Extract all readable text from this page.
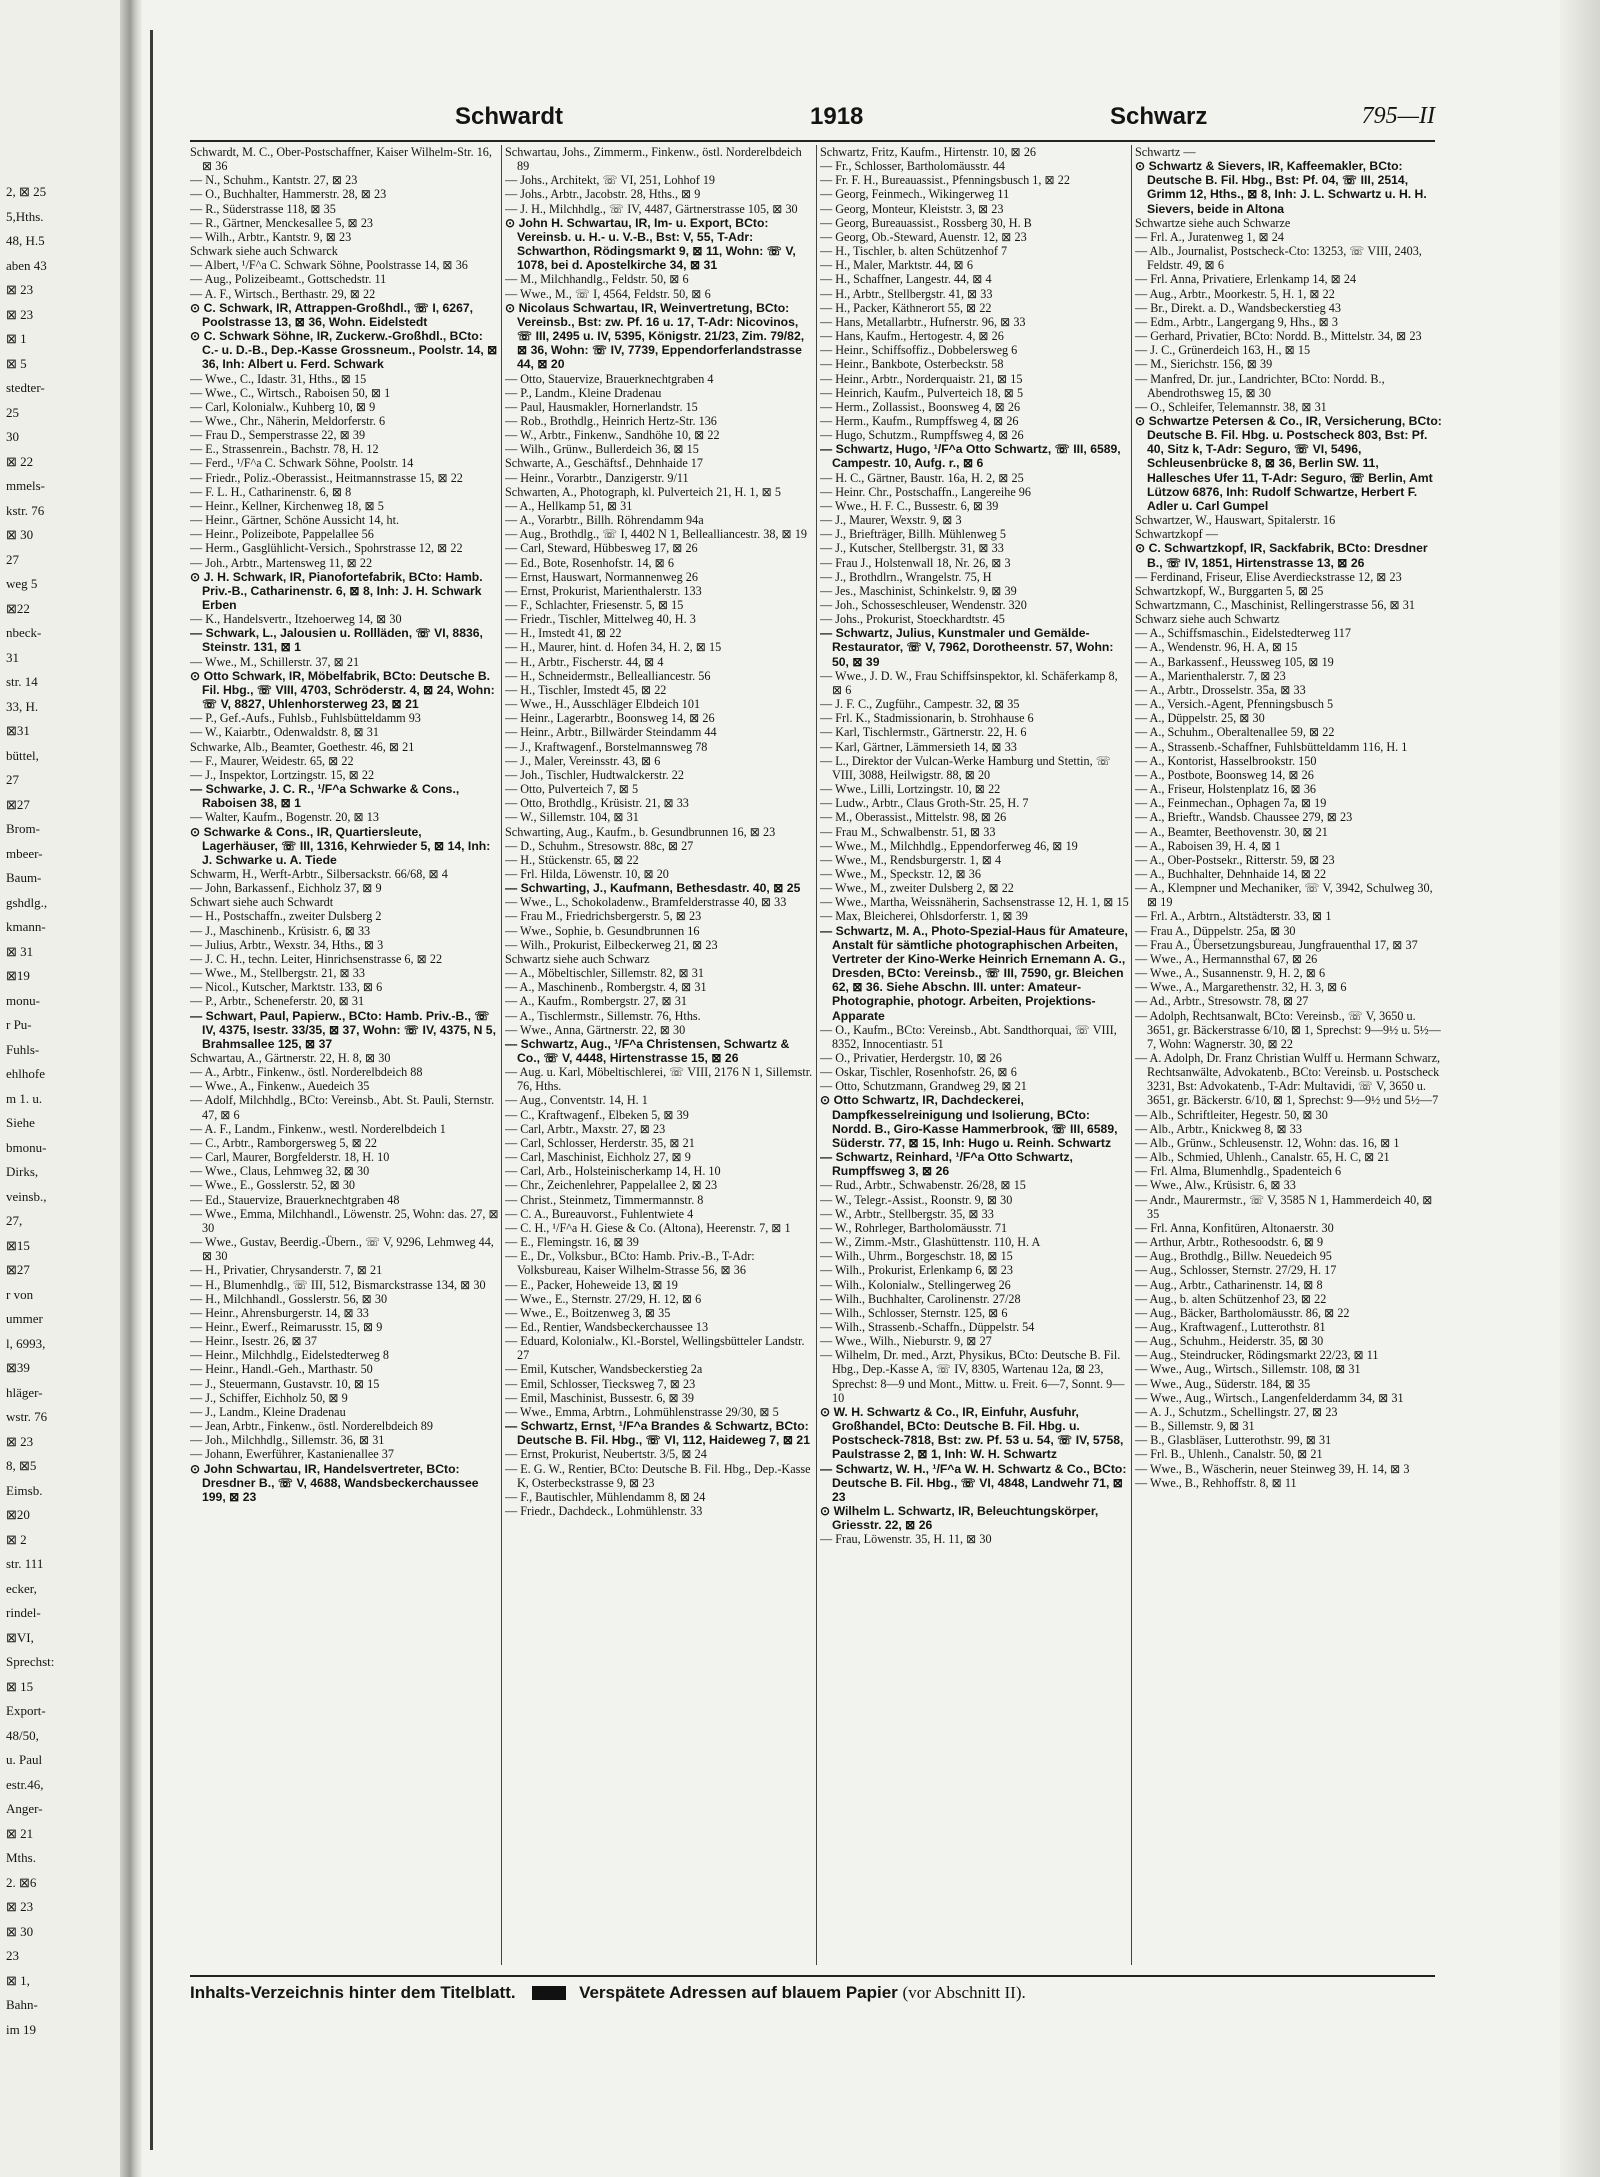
2, ⊠ 25
5,Hths.
48, H.5
aben 43
⊠ 23
⊠ 23
⊠ 1
⊠ 5
stedter-
25
30
⊠ 22
mmels-
kstr. 76
⊠ 30
27
weg 5
⊠22
nbeck-
31
str. 14
33, H.
⊠31
büttel,
27
⊠27
Brom-
mbeer-
Baum-
gshdlg.,
kmann-
⊠ 31
⊠19
monu-
r Pu-
Fuhls-
ehlhofe
m 1. u.
Siehe
bmonu-
Dirks,
veinsb.,
27,
⊠15
⊠27
r von
ummer
l, 6993,
⊠39
hläger-
wstr. 76
⊠ 23
8, ⊠5
Eimsb.
⊠20
⊠ 2
str. 111
ecker,
rindel-
⊠VI,
Sprechst:
⊠ 15
Export-
48/50,
u. Paul
estr.46,
Anger-
⊠ 21
Mths.
2. ⊠6
⊠ 23
⊠ 30
23
⊠ 1,
Bahn-
im 19
Schwardt	1918	Schwarz	795—II

Schwardt, M. C., Ober-Postschaffner, Kaiser Wilhelm-Str. 16, ⊠ 36

— N., Schuhm., Kantstr. 27, ⊠ 23

— O., Buchhalter, Hammerstr. 28, ⊠ 23

— R., Süderstrasse 118, ⊠ 35

— R., Gärtner, Menckesallee 5, ⊠ 23

— Wilh., Arbtr., Kantstr. 9, ⊠ 23

Schwark siehe auch Schwarck

— Albert, ¹/F^a C. Schwark Söhne, Poolstrasse 14, ⊠ 36

— Aug., Polizeibeamt., Gottschedstr. 11

— A. F., Wirtsch., Berthastr. 29, ⊠ 22

⊙ C. Schwark, IR, Attrappen-Großhdl., ☏ I, 6267, Poolstrasse 13, ⊠ 36, Wohn. Eidelstedt

⊙ C. Schwark Söhne, IR, Zuckerw.-Großhdl., BCto: C.- u. D.-B., Dep.-Kasse Grossneum., Poolstr. 14, ⊠ 36, Inh: Albert u. Ferd. Schwark

— Wwe., C., Idastr. 31, Hths., ⊠ 15

— Wwe., C., Wirtsch., Raboisen 50, ⊠ 1

— Carl, Kolonialw., Kuhberg 10, ⊠ 9

— Wwe., Chr., Näherin, Meldorferstr. 6

— Frau D., Semperstrasse 22, ⊠ 39

— E., Strassenrein., Bachstr. 78, H. 12

— Ferd., ¹/F^a C. Schwark Söhne, Poolstr. 14

— Friedr., Poliz.-Oberassist., Heitmannstrasse 15, ⊠ 22

— F. L. H., Catharinenstr. 6, ⊠ 8

— Heinr., Kellner, Kirchenweg 18, ⊠ 5

— Heinr., Gärtner, Schöne Aussicht 14, ht.

— Heinr., Polizeibote, Pappelallee 56

— Herm., Gasglühlicht-Versich., Spohrstrasse 12, ⊠ 22

— Joh., Arbtr., Martensweg 11, ⊠ 22

⊙ J. H. Schwark, IR, Pianofortefabrik, BCto: Hamb. Priv.-B., Catharinenstr. 6, ⊠ 8, Inh: J. H. Schwark Erben

— K., Handelsvertr., Itzehoerweg 14, ⊠ 30

— Schwark, L., Jalousien u. Rollläden, ☏ VI, 8836, Steinstr. 131, ⊠ 1

— Wwe., M., Schillerstr. 37, ⊠ 21

⊙ Otto Schwark, IR, Möbelfabrik, BCto: Deutsche B. Fil. Hbg., ☏ VIII, 4703, Schröderstr. 4, ⊠ 24, Wohn: ☏ V, 8827, Uhlenhorsterweg 23, ⊠ 21

— P., Gef.-Aufs., Fuhlsb., Fuhlsbütteldamm 93

— W., Kaiarbtr., Odenwaldstr. 8, ⊠ 31

Schwarke, Alb., Beamter, Goethestr. 46, ⊠ 21

— F., Maurer, Weidestr. 65, ⊠ 22

— J., Inspektor, Lortzingstr. 15, ⊠ 22

— Schwarke, J. C. R., ¹/F^a Schwarke & Cons., Raboisen 38, ⊠ 1

— Walter, Kaufm., Bogenstr. 20, ⊠ 13

⊙ Schwarke & Cons., IR, Quartiersleute, Lagerhäuser, ☏ III, 1316, Kehrwieder 5, ⊠ 14, Inh: J. Schwarke u. A. Tiede

Schwarm, H., Werft-Arbtr., Silbersackstr. 66/68, ⊠ 4

— John, Barkassenf., Eichholz 37, ⊠ 9

Schwart siehe auch Schwardt

— H., Postschaffn., zweiter Dulsberg 2

— J., Maschinenb., Krüsistr. 6, ⊠ 33

— Julius, Arbtr., Wexstr. 34, Hths., ⊠ 3

— J. C. H., techn. Leiter, Hinrichsenstrasse 6, ⊠ 22

— Wwe., M., Stellbergstr. 21, ⊠ 33

— Nicol., Kutscher, Marktstr. 133, ⊠ 6

— P., Arbtr., Scheneferstr. 20, ⊠ 31

— Schwart, Paul, Papierw., BCto: Hamb. Priv.-B., ☏ IV, 4375, Isestr. 33/35, ⊠ 37, Wohn: ☏ IV, 4375, N 5, Brahmsallee 125, ⊠ 37

Schwartau, A., Gärtnerstr. 22, H. 8, ⊠ 30

— A., Arbtr., Finkenw., östl. Norderelbdeich 88

— Wwe., A., Finkenw., Auedeich 35

— Adolf, Milchhdlg., BCto: Vereinsb., Abt. St. Pauli, Sternstr. 47, ⊠ 6

— A. F., Landm., Finkenw., westl. Norderelbdeich 1

— C., Arbtr., Ramborgersweg 5, ⊠ 22

— Carl, Maurer, Borgfelderstr. 18, H. 10

— Wwe., Claus, Lehmweg 32, ⊠ 30

— Wwe., E., Gosslerstr. 52, ⊠ 30

— Ed., Stauervize, Brauerknechtgraben 48

— Wwe., Emma, Milchhandl., Löwenstr. 25, Wohn: das. 27, ⊠ 30

— Wwe., Gustav, Beerdig.-Übern., ☏ V, 9296, Lehmweg 44, ⊠ 30

— H., Privatier, Chrysanderstr. 7, ⊠ 21

— H., Blumenhdlg., ☏ III, 512, Bismarckstrasse 134, ⊠ 30

— H., Milchhandl., Gosslerstr. 56, ⊠ 30

— Heinr., Ahrensburgerstr. 14, ⊠ 33

— Heinr., Ewerf., Reimarusstr. 15, ⊠ 9

— Heinr., Isestr. 26, ⊠ 37

— Heinr., Milchhdlg., Eidelstedterweg 8

— Heinr., Handl.-Geh., Marthastr. 50

— J., Steuermann, Gustavstr. 10, ⊠ 15

— J., Schiffer, Eichholz 50, ⊠ 9

— J., Landm., Kleine Dradenau

— Jean, Arbtr., Finkenw., östl. Norderelbdeich 89

— Joh., Milchhdlg., Sillemstr. 36, ⊠ 31

— Johann, Ewerführer, Kastanienallee 37

⊙ John Schwartau, IR, Handelsvertreter, BCto: Dresdner B., ☏ V, 4688, Wandsbeckerchaussee 199, ⊠ 23

Schwartau, Johs., Zimmerm., Finkenw., östl. Norderelbdeich 89

— Johs., Architekt, ☏ VI, 251, Lohhof 19

— Johs., Arbtr., Jacobstr. 28, Hths., ⊠ 9

— J. H., Milchhdlg., ☏ IV, 4487, Gärtnerstrasse 105, ⊠ 30

⊙ John H. Schwartau, IR, Im- u. Export, BCto: Vereinsb. u. H.- u. V.-B., Bst: V, 55, T-Adr: Schwarthon, Rödingsmarkt 9, ⊠ 11, Wohn: ☏ V, 1078, bei d. Apostelkirche 34, ⊠ 31

— M., Milchhandlg., Feldstr. 50, ⊠ 6

— Wwe., M., ☏ I, 4564, Feldstr. 50, ⊠ 6

⊙ Nicolaus Schwartau, IR, Weinvertretung, BCto: Vereinsb., Bst: zw. Pf. 16 u. 17, T-Adr: Nicovinos, ☏ III, 2495 u. IV, 5395, Königstr. 21/23, Zim. 79/82, ⊠ 36, Wohn: ☏ IV, 7739, Eppendorferlandstrasse 44, ⊠ 20

— Otto, Stauervize, Brauerknechtgraben 4

— P., Landm., Kleine Dradenau

— Paul, Hausmakler, Hornerlandstr. 15

— Rob., Brothdlg., Heinrich Hertz-Str. 136

— W., Arbtr., Finkenw., Sandhöhe 10, ⊠ 22

— Wilh., Grünw., Bullerdeich 36, ⊠ 15

Schwarte, A., Geschäftsf., Dehnhaide 17

— Heinr., Vorarbtr., Danzigerstr. 9/11

Schwarten, A., Photograph, kl. Pulverteich 21, H. 1, ⊠ 5

— A., Hellkamp 51, ⊠ 31

— A., Vorarbtr., Billh. Röhrendamm 94a

— Aug., Brothdlg., ☏ I, 4402 N 1, Bellealliancestr. 38, ⊠ 19

— Carl, Steward, Hübbesweg 17, ⊠ 26

— Ed., Bote, Rosenhofstr. 14, ⊠ 6

— Ernst, Hauswart, Normannenweg 26

— Ernst, Prokurist, Marienthalerstr. 133

— F., Schlachter, Friesenstr. 5, ⊠ 15

— Friedr., Tischler, Mittelweg 40, H. 3

— H., Imstedt 41, ⊠ 22

— H., Maurer, hint. d. Hofen 34, H. 2, ⊠ 15

— H., Arbtr., Fischerstr. 44, ⊠ 4

— H., Schneidermstr., Bellealliancestr. 56

— H., Tischler, Imstedt 45, ⊠ 22

— Wwe., H., Ausschläger Elbdeich 101

— Heinr., Lagerarbtr., Boonsweg 14, ⊠ 26

— Heinr., Arbtr., Billwärder Steindamm 44

— J., Kraftwagenf., Borstelmannsweg 78

— J., Maler, Vereinsstr. 43, ⊠ 6

— Joh., Tischler, Hudtwalckerstr. 22

— Otto, Pulverteich 7, ⊠ 5

— Otto, Brothdlg., Krüsistr. 21, ⊠ 33

— W., Sillemstr. 104, ⊠ 31

Schwarting, Aug., Kaufm., b. Gesundbrunnen 16, ⊠ 23

— D., Schuhm., Stresowstr. 88c, ⊠ 27

— H., Stückenstr. 65, ⊠ 22

— Frl. Hilda, Löwenstr. 10, ⊠ 20

— Schwarting, J., Kaufmann, Bethesdastr. 40, ⊠ 25

— Wwe., L., Schokoladenw., Bramfelderstrasse 40, ⊠ 33

— Frau M., Friedrichsbergerstr. 5, ⊠ 23

— Wwe., Sophie, b. Gesundbrunnen 16

— Wilh., Prokurist, Eilbeckerweg 21, ⊠ 23

Schwartz siehe auch Schwarz

— A., Möbeltischler, Sillemstr. 82, ⊠ 31

— A., Maschinenb., Rombergstr. 4, ⊠ 31

— A., Kaufm., Rombergstr. 27, ⊠ 31

— A., Tischlermstr., Sillemstr. 76, Hths.

— Wwe., Anna, Gärtnerstr. 22, ⊠ 30

— Schwartz, Aug., ¹/F^a Christensen, Schwartz & Co., ☏ V, 4448, Hirtenstrasse 15, ⊠ 26

— Aug. u. Karl, Möbeltischlerei, ☏ VIII, 2176 N 1, Sillemstr. 76, Hths.

— Aug., Conventstr. 14, H. 1

— C., Kraftwagenf., Elbeken 5, ⊠ 39

— Carl, Arbtr., Maxstr. 27, ⊠ 23

— Carl, Schlosser, Herderstr. 35, ⊠ 21

— Carl, Maschinist, Eichholz 27, ⊠ 9

— Carl, Arb., Holsteinischerkamp 14, H. 10

— Chr., Zeichenlehrer, Pappelallee 2, ⊠ 23

— Christ., Steinmetz, Timmermannstr. 8

— C. A., Bureauvorst., Fuhlentwiete 4

— C. H., ¹/F^a H. Giese & Co. (Altona), Heerenstr. 7, ⊠ 1

— E., Flemingstr. 16, ⊠ 39

— E., Dr., Volksbur., BCto: Hamb. Priv.-B., T-Adr: Volksbureau, Kaiser Wilhelm-Strasse 56, ⊠ 36

— E., Packer, Hoheweide 13, ⊠ 19

— Wwe., E., Sternstr. 27/29, H. 12, ⊠ 6

— Wwe., E., Boitzenweg 3, ⊠ 35

— Ed., Rentier, Wandsbeckerchaussee 13

— Eduard, Kolonialw., Kl.-Borstel, Wellingsbütteler Landstr. 27

— Emil, Kutscher, Wandsbeckerstieg 2a

— Emil, Schlosser, Tiecksweg 7, ⊠ 23

— Emil, Maschinist, Bussestr. 6, ⊠ 39

— Wwe., Emma, Arbtrn., Lohmühlenstrasse 29/30, ⊠ 5

— Schwartz, Ernst, ¹/F^a Brandes & Schwartz, BCto: Deutsche B. Fil. Hbg., ☏ VI, 112, Haideweg 7, ⊠ 21

— Ernst, Prokurist, Neubertstr. 3/5, ⊠ 24

— E. G. W., Rentier, BCto: Deutsche B. Fil. Hbg., Dep.-Kasse K, Osterbeckstrasse 9, ⊠ 23

— F., Bautischler, Mühlendamm 8, ⊠ 24

— Friedr., Dachdeck., Lohmühlenstr. 33

Schwartz, Fritz, Kaufm., Hirtenstr. 10, ⊠ 26

— Fr., Schlosser, Bartholomäusstr. 44

— Fr. F. H., Bureauassist., Pfenningsbusch 1, ⊠ 22

— Georg, Feinmech., Wikingerweg 11

— Georg, Monteur, Kleiststr. 3, ⊠ 23

— Georg, Bureauassist., Rossberg 30, H. B

— Georg, Ob.-Steward, Auenstr. 12, ⊠ 23

— H., Tischler, b. alten Schützenhof 7

— H., Maler, Marktstr. 44, ⊠ 6

— H., Schaffner, Langestr. 44, ⊠ 4

— H., Arbtr., Stellbergstr. 41, ⊠ 33

— H., Packer, Käthnerort 55, ⊠ 22

— Hans, Metallarbtr., Hufnerstr. 96, ⊠ 33

— Hans, Kaufm., Hertogestr. 4, ⊠ 26

— Heinr., Schiffsoffiz., Dobbelersweg 6

— Heinr., Bankbote, Osterbeckstr. 58

— Heinr., Arbtr., Norderquaistr. 21, ⊠ 15

— Heinrich, Kaufm., Pulverteich 18, ⊠ 5

— Herm., Zollassist., Boonsweg 4, ⊠ 26

— Herm., Kaufm., Rumpffsweg 4, ⊠ 26

— Hugo, Schutzm., Rumpffsweg 4, ⊠ 26

— Schwartz, Hugo, ¹/F^a Otto Schwartz, ☏ III, 6589, Campestr. 10, Aufg. r., ⊠ 6

— H. C., Gärtner, Baustr. 16a, H. 2, ⊠ 25

— Heinr. Chr., Postschaffn., Langereihe 96

— Wwe., H. F. C., Bussestr. 6, ⊠ 39

— J., Maurer, Wexstr. 9, ⊠ 3

— J., Briefträger, Billh. Mühlenweg 5

— J., Kutscher, Stellbergstr. 31, ⊠ 33

— Frau J., Holstenwall 18, Nr. 26, ⊠ 3

— J., Brothdlrn., Wrangelstr. 75, H

— Jes., Maschinist, Schinkelstr. 9, ⊠ 39

— Joh., Schosseschleuser, Wendenstr. 320

— Johs., Prokurist, Stoeckhardtstr. 45

— Schwartz, Julius, Kunstmaler und Gemälde-Restaurator, ☏ V, 7962, Dorotheenstr. 57, Wohn: 50, ⊠ 39

— Wwe., J. D. W., Frau Schiffsinspektor, kl. Schäferkamp 8, ⊠ 6

— J. F. C., Zugführ., Campestr. 32, ⊠ 35

— Frl. K., Stadmissionarin, b. Strohhause 6

— Karl, Tischlermstr., Gärtnerstr. 22, H. 6

— Karl, Gärtner, Lämmersieth 14, ⊠ 33

— L., Direktor der Vulcan-Werke Hamburg und Stettin, ☏ VIII, 3088, Heilwigstr. 88, ⊠ 20

— Wwe., Lilli, Lortzingstr. 10, ⊠ 22

— Ludw., Arbtr., Claus Groth-Str. 25, H. 7

— M., Oberassist., Mittelstr. 98, ⊠ 26

— Frau M., Schwalbenstr. 51, ⊠ 33

— Wwe., M., Milchhdlg., Eppendorferweg 46, ⊠ 19

— Wwe., M., Rendsburgerstr. 1, ⊠ 4

— Wwe., M., Speckstr. 12, ⊠ 36

— Wwe., M., zweiter Dulsberg 2, ⊠ 22

— Wwe., Martha, Weissnäherin, Sachsenstrasse 12, H. 1, ⊠ 15

— Max, Bleicherei, Ohlsdorferstr. 1, ⊠ 39

— Schwartz, M. A., Photo-Spezial-Haus für Amateure, Anstalt für sämtliche photographischen Arbeiten, Vertreter der Kino-Werke Heinrich Ernemann A. G., Dresden, BCto: Vereinsb., ☏ III, 7590, gr. Bleichen 62, ⊠ 36. Siehe Abschn. III. unter: Amateur-Photographie, photogr. Arbeiten, Projektions-Apparate

— O., Kaufm., BCto: Vereinsb., Abt. Sandthorquai, ☏ VIII, 8352, Innocentiastr. 51

— O., Privatier, Herdergstr. 10, ⊠ 26

— Oskar, Tischler, Rosenhofstr. 26, ⊠ 6

— Otto, Schutzmann, Grandweg 29, ⊠ 21

⊙ Otto Schwartz, IR, Dachdeckerei, Dampfkesselreinigung und Isolierung, BCto: Nordd. B., Giro-Kasse Hammerbrook, ☏ III, 6589, Süderstr. 77, ⊠ 15, Inh: Hugo u. Reinh. Schwartz

— Schwartz, Reinhard, ¹/F^a Otto Schwartz, Rumpffsweg 3, ⊠ 26

— Rud., Arbtr., Schwabenstr. 26/28, ⊠ 15

— W., Telegr.-Assist., Roonstr. 9, ⊠ 30

— W., Arbtr., Stellbergstr. 35, ⊠ 33

— W., Rohrleger, Bartholomäusstr. 71

— W., Zimm.-Mstr., Glashüttenstr. 110, H. A

— Wilh., Uhrm., Borgeschstr. 18, ⊠ 15

— Wilh., Prokurist, Erlenkamp 6, ⊠ 23

— Wilh., Kolonialw., Stellingerweg 26

— Wilh., Buchhalter, Carolinenstr. 27/28

— Wilh., Schlosser, Sternstr. 125, ⊠ 6

— Wilh., Strassenb.-Schaffn., Düppelstr. 54

— Wwe., Wilh., Nieburstr. 9, ⊠ 27

— Wilhelm, Dr. med., Arzt, Physikus, BCto: Deutsche B. Fil. Hbg., Dep.-Kasse A, ☏ IV, 8305, Wartenau 12a, ⊠ 23, Sprechst: 8—9 und Mont., Mittw. u. Freit. 6—7, Sonnt. 9—10

⊙ W. H. Schwartz & Co., IR, Einfuhr, Ausfuhr, Großhandel, BCto: Deutsche B. Fil. Hbg. u. Postscheck-7818, Bst: zw. Pf. 53 u. 54, ☏ IV, 5758, Paulstrasse 2, ⊠ 1, Inh: W. H. Schwartz

— Schwartz, W. H., ¹/F^a W. H. Schwartz & Co., BCto: Deutsche B. Fil. Hbg., ☏ VI, 4848, Landwehr 71, ⊠ 23

⊙ Wilhelm L. Schwartz, IR, Beleuchtungskörper, Griesstr. 22, ⊠ 26

— Frau, Löwenstr. 35, H. 11, ⊠ 30

Schwartz —

⊙ Schwartz & Sievers, IR, Kaffeemakler, BCto: Deutsche B. Fil. Hbg., Bst: Pf. 04, ☏ III, 2514, Grimm 12, Hths., ⊠ 8, Inh: J. L. Schwartz u. H. H. Sievers, beide in Altona

Schwartze siehe auch Schwarze

— Frl. A., Juratenweg 1, ⊠ 24

— Alb., Journalist, Postscheck-Cto: 13253, ☏ VIII, 2403, Feldstr. 49, ⊠ 6

— Frl. Anna, Privatiere, Erlenkamp 14, ⊠ 24

— Aug., Arbtr., Moorkestr. 5, H. 1, ⊠ 22

— Br., Direkt. a. D., Wandsbeckerstieg 43

— Edm., Arbtr., Langergang 9, Hhs., ⊠ 3

— Gerhard, Privatier, BCto: Nordd. B., Mittelstr. 34, ⊠ 23

— J. C., Grünerdeich 163, H., ⊠ 15

— M., Sierichstr. 156, ⊠ 39

— Manfred, Dr. jur., Landrichter, BCto: Nordd. B., Abendrothsweg 15, ⊠ 30

— O., Schleifer, Telemannstr. 38, ⊠ 31

⊙ Schwartze Petersen & Co., IR, Versicherung, BCto: Deutsche B. Fil. Hbg. u. Postscheck 803, Bst: Pf. 40, Sitz k, T-Adr: Seguro, ☏ VI, 5496, Schleusenbrücke 8, ⊠ 36, Berlin SW. 11, Hallesches Ufer 11, T-Adr: Seguro, ☏ Berlin, Amt Lützow 6876, Inh: Rudolf Schwartze, Herbert F. Adler u. Carl Gumpel

Schwartzer, W., Hauswart, Spitalerstr. 16

Schwartzkopf —

⊙ C. Schwartzkopf, IR, Sackfabrik, BCto: Dresdner B., ☏ IV, 1851, Hirtenstrasse 13, ⊠ 26

— Ferdinand, Friseur, Elise Averdieckstrasse 12, ⊠ 23

Schwartzkopf, W., Burggarten 5, ⊠ 25

Schwartzmann, C., Maschinist, Rellingerstrasse 56, ⊠ 31

Schwarz siehe auch Schwartz

— A., Schiffsmaschin., Eidelstedterweg 117

— A., Wendenstr. 96, H. A, ⊠ 15

— A., Barkassenf., Heussweg 105, ⊠ 19

— A., Marienthalerstr. 7, ⊠ 23

— A., Arbtr., Drosselstr. 35a, ⊠ 33

— A., Versich.-Agent, Pfenningsbusch 5

— A., Düppelstr. 25, ⊠ 30

— A., Schuhm., Oberaltenallee 59, ⊠ 22

— A., Strassenb.-Schaffner, Fuhlsbütteldamm 116, H. 1

— A., Kontorist, Hasselbrookstr. 150

— A., Postbote, Boonsweg 14, ⊠ 26

— A., Friseur, Holstenplatz 16, ⊠ 36

— A., Feinmechan., Ophagen 7a, ⊠ 19

— A., Brieftr., Wandsb. Chaussee 279, ⊠ 23

— A., Beamter, Beethovenstr. 30, ⊠ 21

— A., Raboisen 39, H. 4, ⊠ 1

— A., Ober-Postsekr., Ritterstr. 59, ⊠ 23

— A., Buchhalter, Dehnhaide 14, ⊠ 22

— A., Klempner und Mechaniker, ☏ V, 3942, Schulweg 30, ⊠ 19

— Frl. A., Arbtrn., Altstädterstr. 33, ⊠ 1

— Frau A., Düppelstr. 25a, ⊠ 30

— Frau A., Übersetzungsbureau, Jungfrauenthal 17, ⊠ 37

— Wwe., A., Hermannsthal 67, ⊠ 26

— Wwe., A., Susannenstr. 9, H. 2, ⊠ 6

— Wwe., A., Margarethenstr. 32, H. 3, ⊠ 6

— Ad., Arbtr., Stresowstr. 78, ⊠ 27

— Adolph, Rechtsanwalt, BCto: Vereinsb., ☏ V, 3650 u. 3651, gr. Bäckerstrasse 6/10, ⊠ 1, Sprechst: 9—9½ u. 5½—7, Wohn: Wagnerstr. 30, ⊠ 22

— A. Adolph, Dr. Franz Christian Wulff u. Hermann Schwarz, Rechtsanwälte, Advokatenb., BCto: Vereinsb. u. Postscheck 3231, Bst: Advokatenb., T-Adr: Multavidi, ☏ V, 3650 u. 3651, gr. Bäckerstr. 6/10, ⊠ 1, Sprechst: 9—9½ und 5½—7

— Alb., Schriftleiter, Hegestr. 50, ⊠ 30

— Alb., Arbtr., Knickweg 8, ⊠ 33

— Alb., Grünw., Schleusenstr. 12, Wohn: das. 16, ⊠ 1

— Alb., Schmied, Uhlenh., Canalstr. 65, H. C, ⊠ 21

— Frl. Alma, Blumenhdlg., Spadenteich 6

— Wwe., Alw., Krüsistr. 6, ⊠ 33

— Andr., Maurermstr., ☏ V, 3585 N 1, Hammerdeich 40, ⊠ 35

— Frl. Anna, Konfitüren, Altonaerstr. 30

— Arthur, Arbtr., Rothesoodstr. 6, ⊠ 9

— Aug., Brothdlg., Billw. Neuedeich 95

— Aug., Schlosser, Sternstr. 27/29, H. 17

— Aug., Arbtr., Catharinenstr. 14, ⊠ 8

— Aug., b. alten Schützenhof 23, ⊠ 22

— Aug., Bäcker, Bartholomäusstr. 86, ⊠ 22

— Aug., Kraftwagenf., Lutterothstr. 81

— Aug., Schuhm., Heiderstr. 35, ⊠ 30

— Aug., Steindrucker, Rödingsmarkt 22/23, ⊠ 11

— Wwe., Aug., Wirtsch., Sillemstr. 108, ⊠ 31

— Wwe., Aug., Süderstr. 184, ⊠ 35

— Wwe., Aug., Wirtsch., Langenfelderdamm 34, ⊠ 31

— A. J., Schutzm., Schellingstr. 27, ⊠ 23

— B., Sillemstr. 9, ⊠ 31

— B., Glasbläser, Lutterothstr. 99, ⊠ 31

— Frl. B., Uhlenh., Canalstr. 50, ⊠ 21

— Wwe., B., Wäscherin, neuer Steinweg 39, H. 14, ⊠ 3

— Wwe., B., Rehhoffstr. 8, ⊠ 11

Inhalts-Verzeichnis hinter dem Titelblatt.	Verspätete Adressen auf blauem Papier (vor Abschnitt II).
